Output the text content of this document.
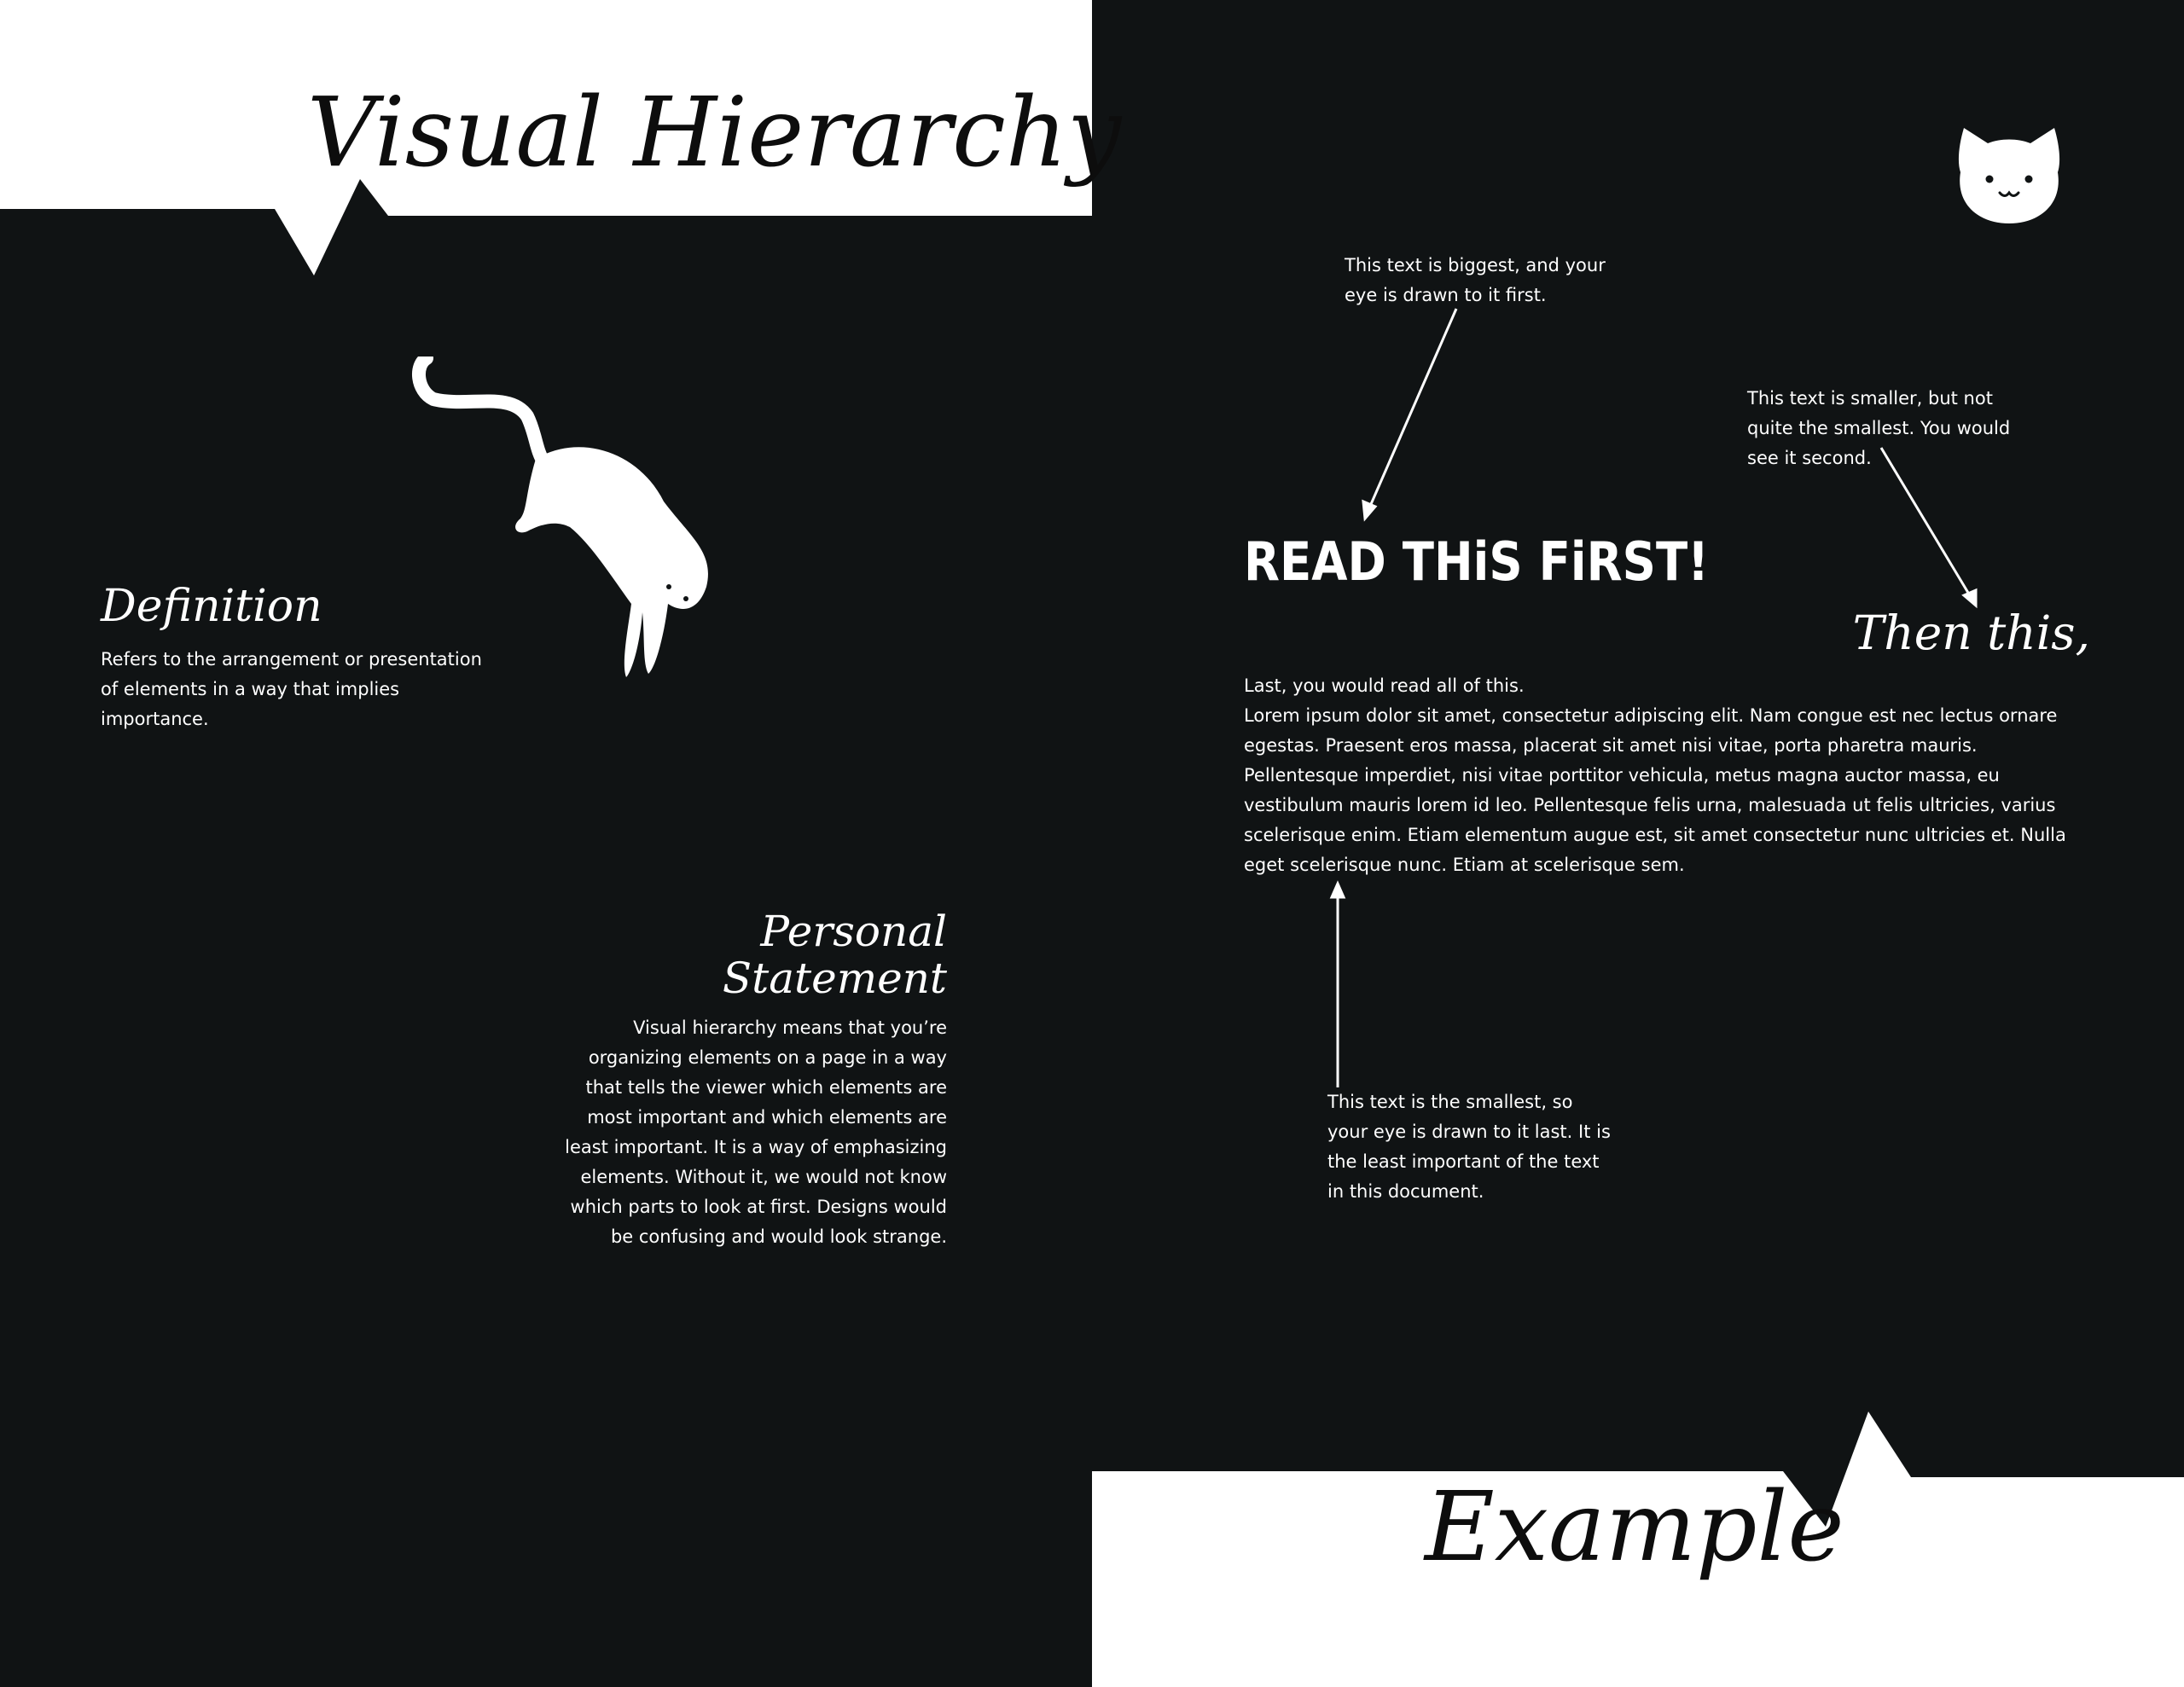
Visual Hierarchy
Definition
Refers to the arrangement or presentation of elements in a way that implies importance.
Personal
Statement
Visual hierarchy means that you’re organizing elements on a page in a way that tells the viewer which elements are most important and which elements are least important. It is a way of emphasizing elements. Without it, we would not know which parts to look at first. Designs would be confusing and would look strange.
This text is biggest, and your eye is drawn to it first.
This text is smaller, but not quite the smallest. You would see it second.
READ THiS FiRST!
Then this,
Last, you would read all of this.
Lorem ipsum dolor sit amet, consectetur adipiscing elit. Nam congue est nec lectus ornare egestas. Praesent eros massa, placerat sit amet nisi vitae, porta pharetra mauris. Pellentesque imperdiet, nisi vitae porttitor vehicula, metus magna auctor massa, eu vestibulum mauris lorem id leo. Pellentesque felis urna, malesuada ut felis ultricies, varius scelerisque enim. Etiam elementum augue est, sit amet consectetur nunc ultricies et. Nulla eget scelerisque nunc. Etiam at scelerisque sem.
This text is the smallest, so your eye is drawn to it last. It is the least important of the text in this document.
Example
